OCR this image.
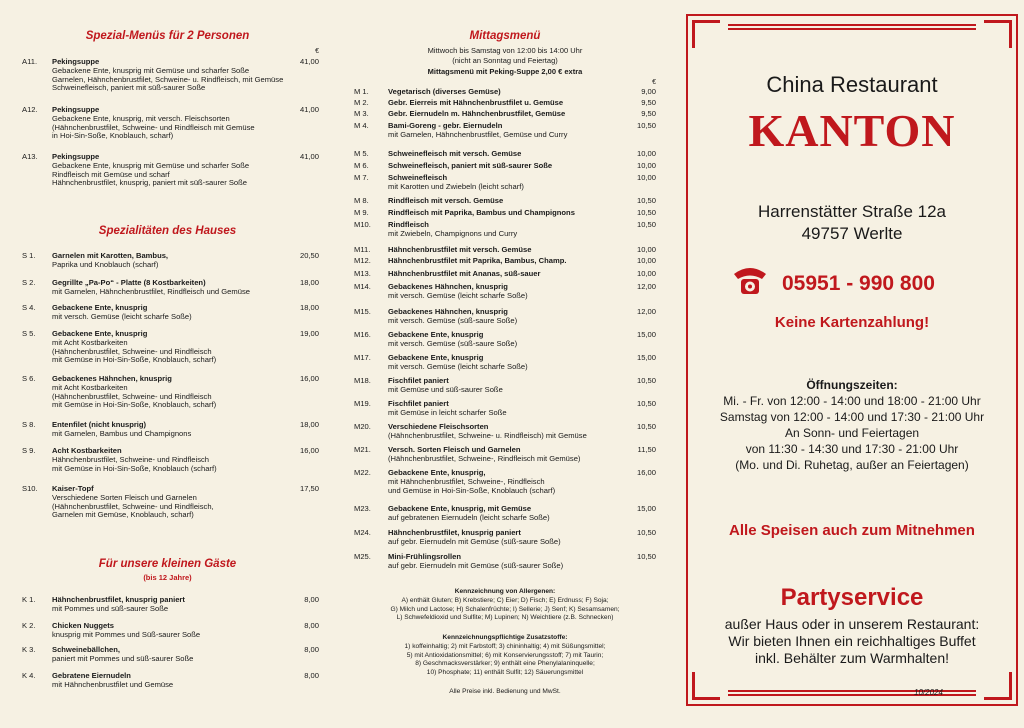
Spezial-Menüs für 2 Personen
€
A11.	Pekingsuppe	41,00
Gebackene Ente, knusprig mit Gemüse und scharfer Soße
Garnelen, Hähnchenbrustfilet, Schweine- u. Rindfleisch, mit Gemüse
Schweinefleisch, paniert mit süß-saurer Soße
A12.	Pekingsuppe	41,00
Gebackene Ente, knusprig, mit versch. Fleischsorten
(Hähnchenbrustfilet, Schweine- und Rindfleisch mit Gemüse
in Hoi-Sin-Soße, Knoblauch, scharf)
A13.	Pekingsuppe	41,00
Gebackene Ente, knusprig mit Gemüse und scharfer Soße
Rindfleisch mit Gemüse und scharf
Hähnchenbrustfilet, knusprig, paniert mit süß-saurer Soße
Spezialitäten des Hauses
S 1.	Garnelen mit Karotten, Bambus,	20,50
Paprika und Knoblauch (scharf)
S 2.	Gegrillte „Pa-Po“ - Platte (8 Kostbarkeiten)	18,00
mit Garnelen, Hähnchenbrustfilet, Rindfleisch und Gemüse
S 4.	Gebackene Ente, knusprig	18,00
mit versch. Gemüse (leicht scharfe Soße)
S 5.	Gebackene Ente, knusprig	19,00
mit Acht Kostbarkeiten
(Hähnchenbrustfilet, Schweine- und Rindfleisch
mit Gemüse in Hoi-Sin-Soße, Knoblauch, scharf)
S 6.	Gebackenes Hähnchen, knusprig	16,00
mit Acht Kostbarkeiten
(Hähnchenbrustfilet, Schweine- und Rindfleisch
mit Gemüse in Hoi-Sin-Soße, Knoblauch, scharf)
S 8.	Entenfilet (nicht knusprig)	18,00
mit Garnelen, Bambus und Champignons
S 9.	Acht Kostbarkeiten	16,00
Hähnchenbrustfilet, Schweine- und Rindfleisch
mit Gemüse in Hoi-Sin-Soße, Knoblauch (scharf)
S10.	Kaiser-Topf	17,50
Verschiedene Sorten Fleisch und Garnelen
(Hähnchenbrustfilet, Schweine- und Rindfleisch,
Garnelen mit Gemüse, Knoblauch, scharf)
Für unsere kleinen Gäste
(bis 12 Jahre)
K 1.	Hähnchenbrustfilet, knusprig paniert	8,00
mit Pommes und süß-saurer Soße
K 2.	Chicken Nuggets	8,00
knusprig mit Pommes und Süß-saurer Soße
K 3.	Schweinebällchen,	8,00
paniert mit Pommes und süß-saurer Soße
K 4.	Gebratene Eiernudeln	8,00
mit Hähnchenbrustfilet und Gemüse
Mittagsmenü
Mittwoch bis Samstag von 12:00 bis 14:00 Uhr
(nicht an Sonntag und Feiertag)
Mittagsmenü mit Peking-Suppe 2,00 € extra
€
M 1.	Vegetarisch (diverses Gemüse)	9,00
M 2.	Gebr. Eierreis mit Hähnchenbrustfilet u. Gemüse	9,50
M 3.	Gebr. Eiernudeln m. Hähnchenbrustfilet, Gemüse	9,50
M 4.	Bami-Goreng - gebr. Eiernudeln	10,50
mit Garnelen, Hähnchenbrustfilet, Gemüse und Curry
M 5.	Schweinefleisch mit versch. Gemüse	10,00
M 6.	Schweinefleisch, paniert mit süß-saurer Soße	10,00
M 7.	Schweinefleisch	10,00
mit Karotten und Zwiebeln (leicht scharf)
M 8.	Rindfleisch mit versch. Gemüse	10,50
M 9.	Rindfleisch mit Paprika, Bambus und Champignons	10,50
M10.	Rindfleisch	10,50
mit Zwiebeln, Champignons und Curry
M11.	Hähnchenbrustfilet mit versch. Gemüse	10,00
M12.	Hähnchenbrustfilet mit Paprika, Bambus, Champ.	10,00
M13.	Hähnchenbrustfilet mit Ananas, süß-sauer	10,00
M14.	Gebackenes Hähnchen, knusprig	12,00
mit versch. Gemüse (leicht scharfe Soße)
M15.	Gebackenes Hähnchen, knusprig	12,00
mit versch. Gemüse (süß-saure Soße)
M16.	Gebackene Ente, knusprig	15,00
mit versch. Gemüse (süß-saure Soße)
M17.	Gebackene Ente, knusprig	15,00
mit versch. Gemüse (leicht scharfe Soße)
M18.	Fischfilet paniert	10,50
mit Gemüse und süß-saurer Soße
M19.	Fischfilet paniert	10,50
mit Gemüse in leicht scharfer Soße
M20.	Verschiedene Fleischsorten	10,50
(Hähnchenbrustfilet, Schweine- u. Rindfleisch) mit Gemüse
M21.	Versch. Sorten Fleisch und Garnelen	11,50
(Hähnchenbrustfilet, Schweine-, Rindfleisch mit Gemüse)
M22.	Gebackene Ente, knusprig,	16,00
mit Hähnchenbrustfilet, Schweine-, Rindfleisch
und Gemüse in Hoi-Sin-Soße, Knoblauch (scharf)
M23.	Gebackene Ente, knusprig, mit Gemüse	15,00
auf gebratenen Eiernudeln (leicht scharfe Soße)
M24.	Hähnchenbrustfilet, knusprig paniert	10,50
auf gebr. Eiernudeln mit Gemüse (süß-saure Soße)
M25.	Mini-Frühlingsrollen	10,50
auf gebr. Eiernudeln mit Gemüse (süß-saurer Soße)
Kennzeichnung von Allergenen:
A) enthält Gluten; B) Krebstiere; C) Eier; D) Fisch; E) Erdnuss; F) Soja;
G) Milch und Lactose; H) Schalenfrüchte; I) Sellerie; J) Senf; K) Sesamsamen;
L) Schwefeldioxid und Sulfite; M) Lupinen; N) Weichtiere (z.B. Schnecken)
Kennzeichnungspflichtige Zusatzstoffe:
1) koffeinhaltig; 2) mit Farbstoff; 3) chininhaltig; 4) mit Süßungsmittel;
5) mit Antioxidationsmittel; 6) mit Konservierungsstoff; 7) mit Taurin;
8) Geschmacksverstärker; 9) enthält eine Phenylalaninquelle;
10) Phosphate; 11) enthält Sulfit; 12) Säuerungsmittel
Alle Preise inkl. Bedienung und MwSt.
China Restaurant
KANTON
Harrenstätter Straße 12a
49757 Werlte
05951 - 990 800
Keine Kartenzahlung!
Öffnungszeiten:
Mi. - Fr. von 12:00 - 14:00 und 18:00 - 21:00 Uhr
Samstag von 12:00 - 14:00 und 17:30 - 21:00 Uhr
An Sonn- und Feiertagen
von 11:30 - 14:30 und 17:30 - 21:00 Uhr
(Mo. und Di. Ruhetag, außer an Feiertagen)
Alle Speisen auch zum Mitnehmen
Partyservice
außer Haus oder in unserem Restaurant:
Wir bieten Ihnen ein reichhaltiges Buffet
inkl. Behälter zum Warmhalten!
10/2024
